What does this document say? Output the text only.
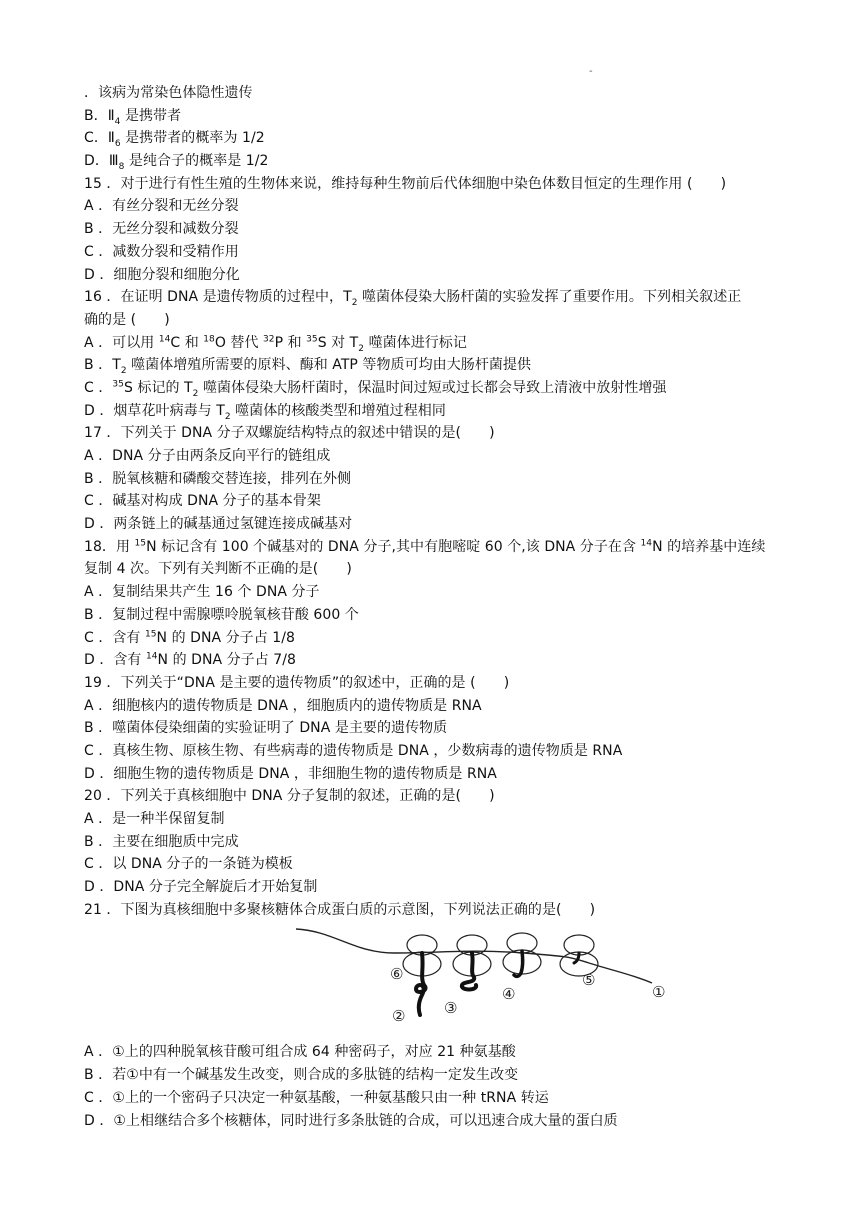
-
．该病为常染色体隐性遗传
B．$Ⅱ_4$ 是携带者
C．$Ⅱ_6$ 是携带者的概率为 1/2
D．$Ⅲ_8$ 是纯合子的概率是 1/2
15 ．对于进行有性生殖的生物体来说，维持每种生物前后代体细胞中染色体数目恒定的生理作用 (　　)
A ．有丝分裂和无丝分裂
B ．无丝分裂和减数分裂
C ．减数分裂和受精作用
D ．细胞分裂和细胞分化
16 ．在证明 DNA 是遗传物质的过程中，$T_2$ 噬菌体侵染大肠杆菌的实验发挥了重要作用。下列相关叙述正
确的是 (　　)
A ．可以用 $^{14}$C 和 $^{18}$O 替代 $^{32}$P 和 $^{35}$S 对 $T_2$ 噬菌体进行标记
B ．$T_2$ 噬菌体增殖所需要的原料、酶和 ATP 等物质可均由大肠杆菌提供
C ．$^{35}$S 标记的 $T_2$ 噬菌体侵染大肠杆菌时，保温时间过短或过长都会导致上清液中放射性增强
D ．烟草花叶病毒与 $T_2$ 噬菌体的核酸类型和增殖过程相同
17 ．下列关于 DNA 分子双螺旋结构特点的叙述中错误的是(　　)
A ．DNA 分子由两条反向平行的链组成
B ．脱氧核糖和磷酸交替连接，排列在外侧
C ．碱基对构成 DNA 分子的基本骨架
D ．两条链上的碱基通过氢键连接成碱基对
18．用 $^{15}$N 标记含有 100 个碱基对的 DNA 分子,其中有胞嘧啶 60 个,该 DNA 分子在含 $^{14}$N 的培养基中连续
复制 4 次。下列有关判断不正确的是(　　)
A ．复制结果共产生 16 个 DNA 分子
B ．复制过程中需腺嘌呤脱氧核苷酸 600 个
C ．含有 $^{15}$N 的 DNA 分子占 1/8
D ．含有 $^{14}$N 的 DNA 分子占 7/8
19 ．下列关于“DNA 是主要的遗传物质”的叙述中，正确的是 (　　)
A ．细胞核内的遗传物质是 DNA ，细胞质内的遗传物质是 RNA
B ．噬菌体侵染细菌的实验证明了 DNA 是主要的遗传物质
C ．真核生物、原核生物、有些病毒的遗传物质是 DNA ，少数病毒的遗传物质是 RNA
D ．细胞生物的遗传物质是 DNA ，非细胞生物的遗传物质是 RNA
20 ．下列关于真核细胞中 DNA 分子复制的叙述，正确的是(　　)
A ．是一种半保留复制
B ．主要在细胞质中完成
C ．以 DNA 分子的一条链为模板
D ．DNA 分子完全解旋后才开始复制
21 ．下图为真核细胞中多聚核糖体合成蛋白质的示意图，下列说法正确的是(　　)
①
②	③
④
⑤
⑥
A ．①上的四种脱氧核苷酸可组合成 64 种密码子，对应 21 种氨基酸
B ．若①中有一个碱基发生改变，则合成的多肽链的结构一定发生改变
C ．①上的一个密码子只决定一种氨基酸，一种氨基酸只由一种 tRNA 转运
D ．①上相继结合多个核糖体，同时进行多条肽链的合成，可以迅速合成大量的蛋白质
